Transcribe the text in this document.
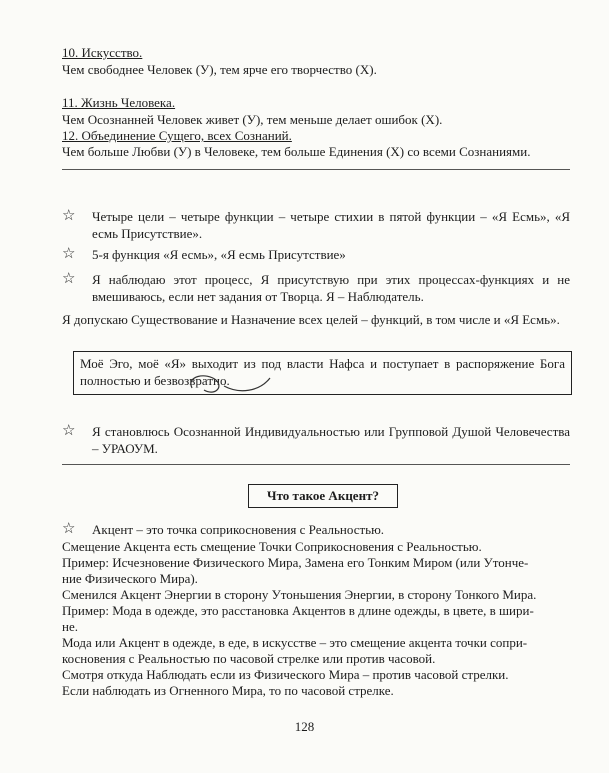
10. Искусство.
Чем свободнее Человек (У), тем ярче его творчество (Х).
11. Жизнь Человека.
Чем Осознанней Человек живет (У), тем меньше делает ошибок (Х).
12. Объединение Сущего, всех Сознаний.
Чем больше Любви (У) в Человеке, тем больше Единения (Х) со всеми Сознаниями.
☆ Четыре цели – четыре функции – четыре стихии в пятой функции – «Я Есмь», «Я есмь Присутствие».
☆ 5-я функция «Я есмь», «Я есмь Присутствие»
☆ Я наблюдаю этот процесс, Я присутствую при этих процессах-функциях и не вмешиваюсь, если нет задания от Творца. Я – Наблюдатель.
Я допускаю Существование и Назначение всех целей – функций, в том числе и «Я Есмь».
Моё Эго, моё «Я» выходит из под власти Нафса и поступает в распоряжение Бога полностью и безвозвратно.
☆ Я становлюсь Осознанной Индивидуальностью или Групповой Душой Человечества – УРАОУМ.
Что такое Акцент?
☆ Акцент – это точка соприкосновения с Реальностью.
Смещение Акцента есть смещение Точки Соприкосновения с Реальностью.
Пример: Исчезновение Физического Мира, Замена его Тонким Миром (или Утонче-
ние Физического Мира).
Сменился Акцент Энергии в сторону Утоньшения Энергии, в сторону Тонкого Мира.
Пример: Мода в одежде, это расстановка Акцентов в длине одежды, в цвете, в шири-
не.
Мода или Акцент в одежде, в еде, в искусстве – это смещение акцента точки сопри-
косновения с Реальностью по часовой стрелке или против часовой.
Смотря откуда Наблюдать если из Физического Мира – против часовой стрелки.
Если наблюдать из Огненного Мира, то по часовой стрелке.
128
